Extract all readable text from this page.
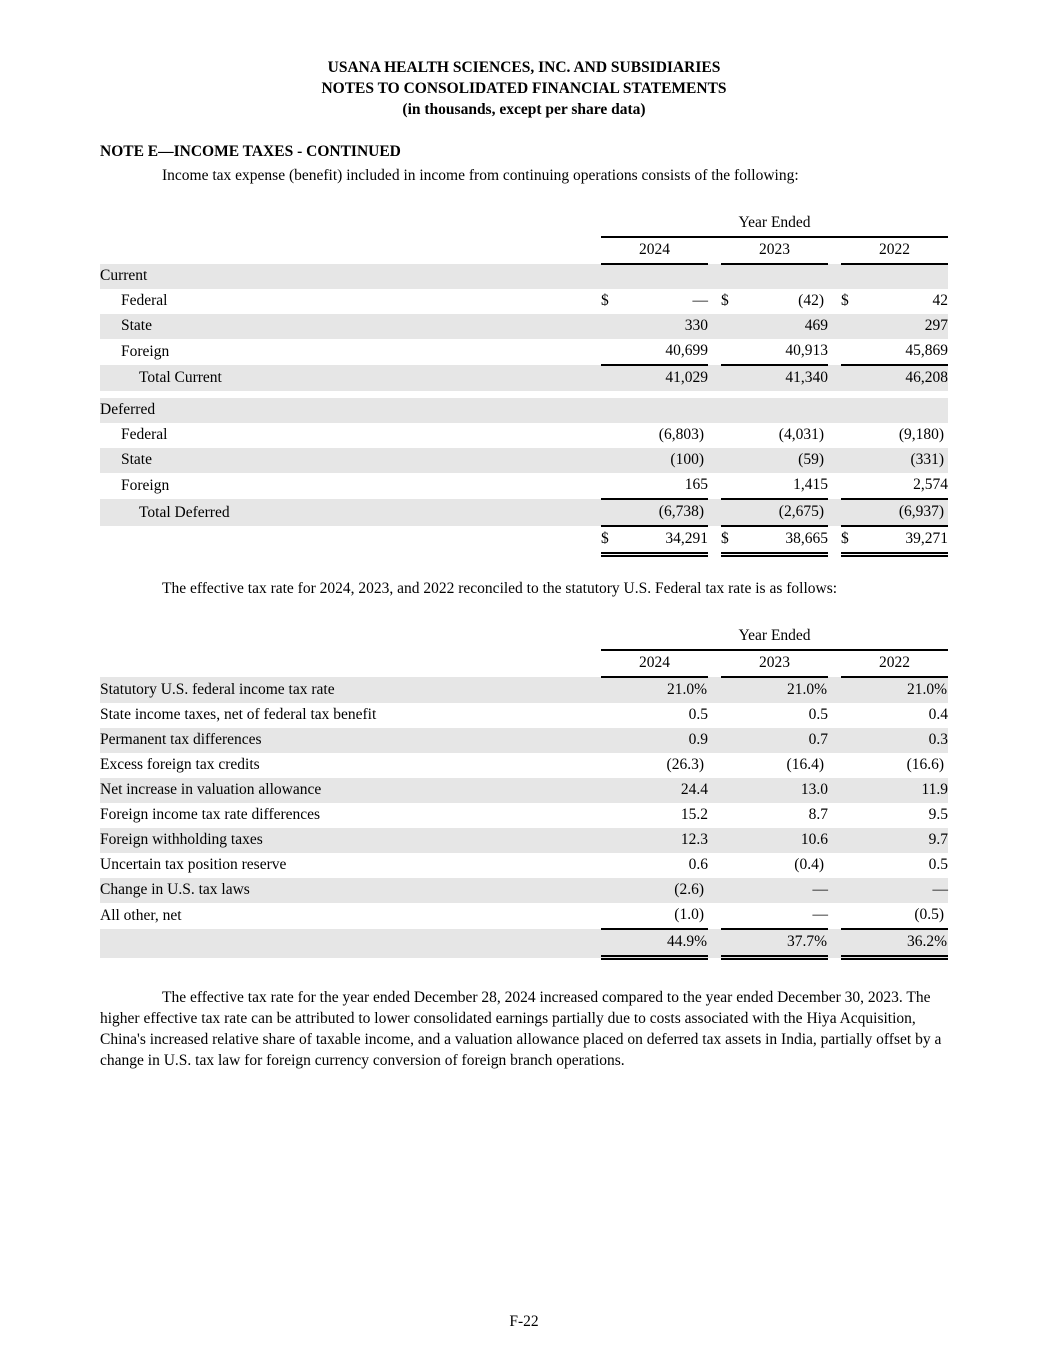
USANA HEALTH SCIENCES, INC. AND SUBSIDIARIES
NOTES TO CONSOLIDATED FINANCIAL STATEMENTS
(in thousands, except per share data)
NOTE E—INCOME TAXES - CONTINUED

Income tax expense (benefit) included in income from continuing operations consists of the following:

	Year Ended							
	2024			2023			2022	
Current								
Federal	$	—		$	(42)		$	42
State		330			469			297
Foreign		40,699			40,913			45,869
Total Current		41,029			41,340			46,208

Deferred								
Federal		(6,803)			(4,031)			(9,180)
State		(100)			(59)			(331)
Foreign		165			1,415			2,574
Total Deferred		(6,738)			(2,675)			(6,937)
	$	34,291		$	38,665		$	39,271

The effective tax rate for 2024, 2023, and 2022 reconciled to the statutory U.S. Federal tax rate is as follows:

	Year Ended							
	2024			2023			2022	
Statutory U.S. federal income tax rate		21.0%			21.0%			21.0%
State income taxes, net of federal tax benefit		0.5			0.5			0.4
Permanent tax differences		0.9			0.7			0.3
Excess foreign tax credits		(26.3)			(16.4)			(16.6)
Net increase in valuation allowance		24.4			13.0			11.9
Foreign income tax rate differences		15.2			8.7			9.5
Foreign withholding taxes		12.3			10.6			9.7
Uncertain tax position reserve		0.6			(0.4)			0.5
Change in U.S. tax laws		(2.6)			—			—
All other, net		(1.0)			—			(0.5)
		44.9%			37.7%			36.2%

The effective tax rate for the year ended December 28, 2024 increased compared to the year ended December 30, 2023. The higher effective tax rate can be attributed to lower consolidated earnings partially due to costs associated with the Hiya Acquisition, China's increased relative share of taxable income, and a valuation allowance placed on deferred tax assets in India, partially offset by a change in U.S. tax law for foreign currency conversion of foreign branch operations.

F-22
